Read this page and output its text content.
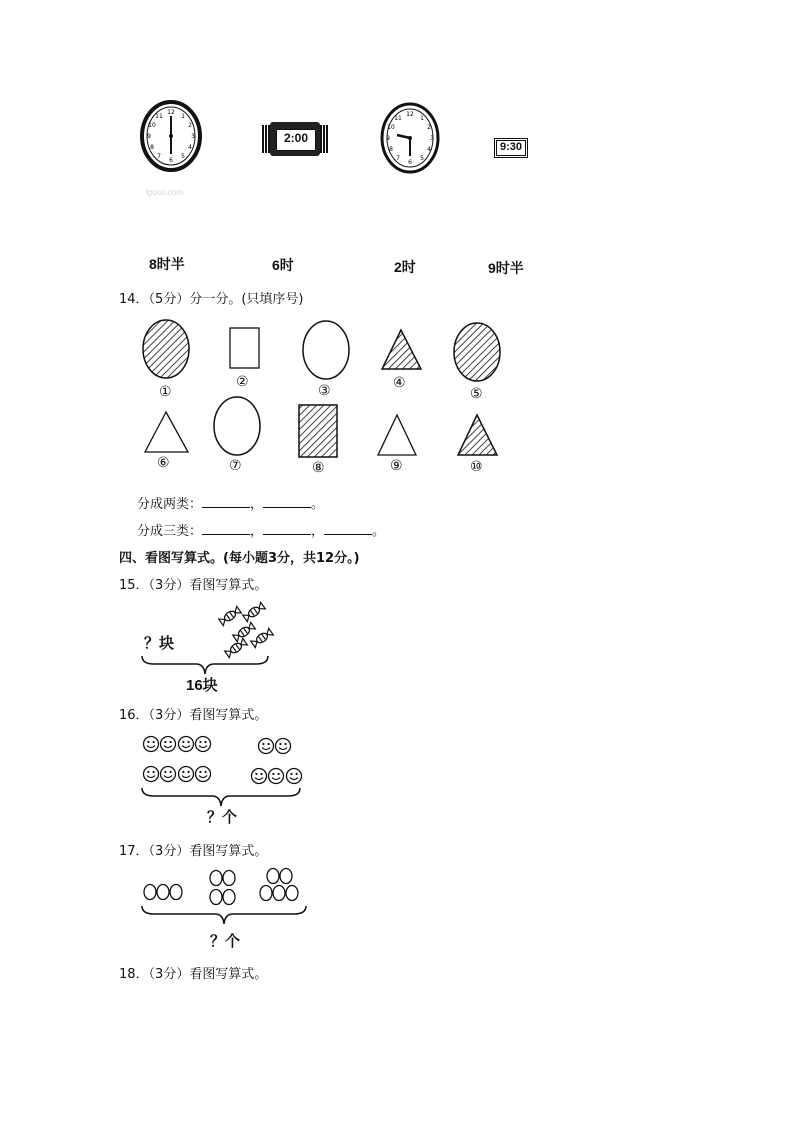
12
1
2
3
4
5
6
7
8
9
10
11
2:00
12
1
2
3
4
5
6
7
8
9
10
11
9:30
lgooo.com
8时半	6时	2时	9时半
14．（5分）分一分。(只填序号)
①
②
③	④
⑤
⑥	⑦	⑧	⑨	⑩
分成两类：	，	。
分成三类：	，	，	。
四、看图写算式。(每小题3分，共12分。)
15．（3分）看图写算式。
？块
16块
16．（3分）看图写算式。
？个
17．（3分）看图写算式。
？个
18．（3分）看图写算式。
